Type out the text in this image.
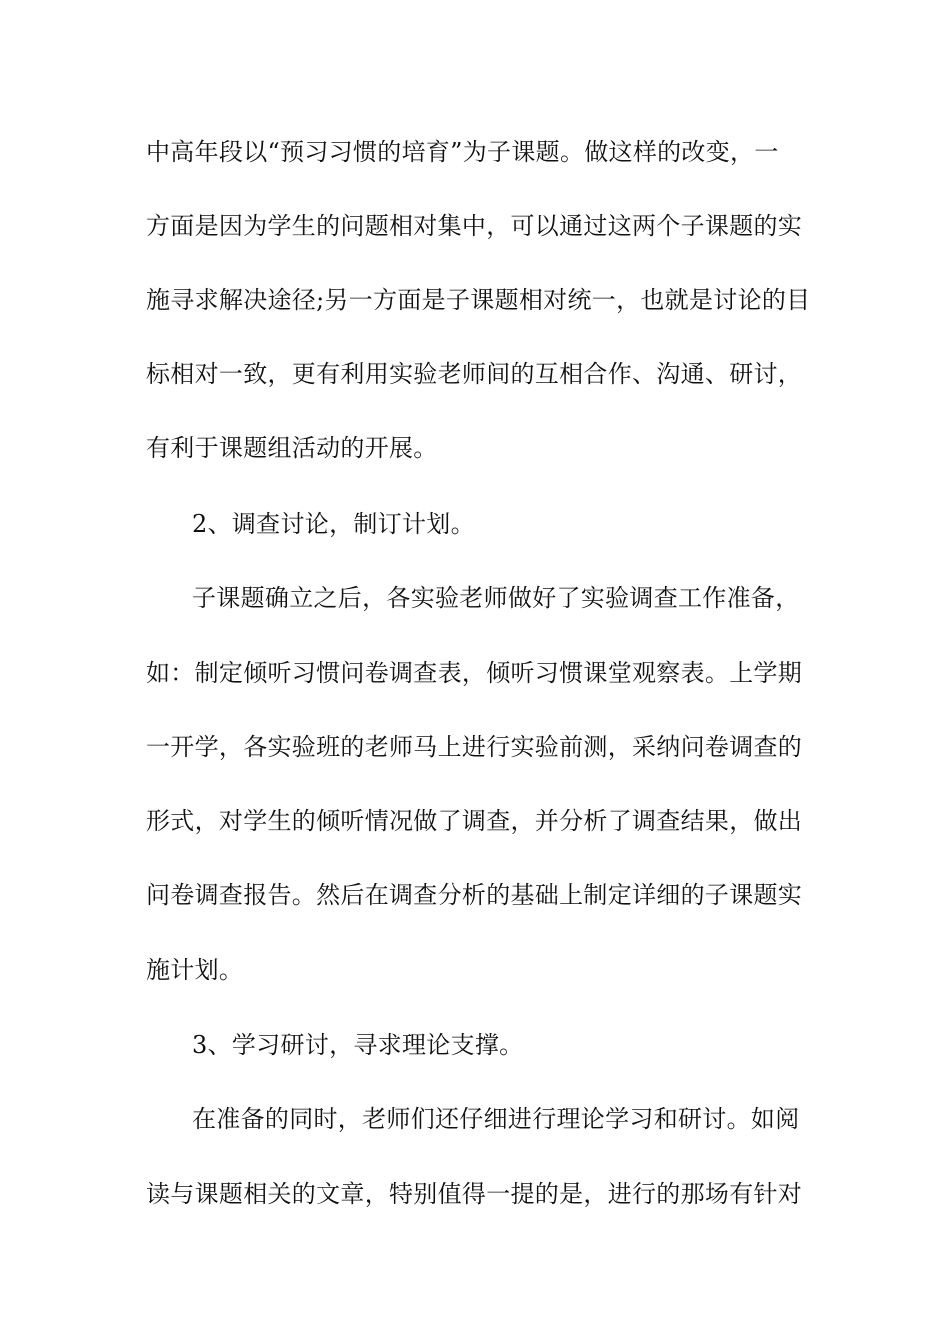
中高年段以“预习习惯的培育”为子课题。做这样的改变，一
方面是因为学生的问题相对集中，可以通过这两个子课题的实
施寻求解决途径;另一方面是子课题相对统一，也就是讨论的目
标相对一致，更有利用实验老师间的互相合作、沟通、研讨，
有利于课题组活动的开展。
2、调查讨论，制订计划。
子课题确立之后，各实验老师做好了实验调查工作准备，
如：制定倾听习惯问卷调查表，倾听习惯课堂观察表。上学期
一开学，各实验班的老师马上进行实验前测，采纳问卷调查的
形式，对学生的倾听情况做了调查，并分析了调查结果，做出
问卷调查报告。然后在调查分析的基础上制定详细的子课题实
施计划。
3、学习研讨，寻求理论支撑。
在准备的同时，老师们还仔细进行理论学习和研讨。如阅
读与课题相关的文章，特别值得一提的是，进行的那场有针对
